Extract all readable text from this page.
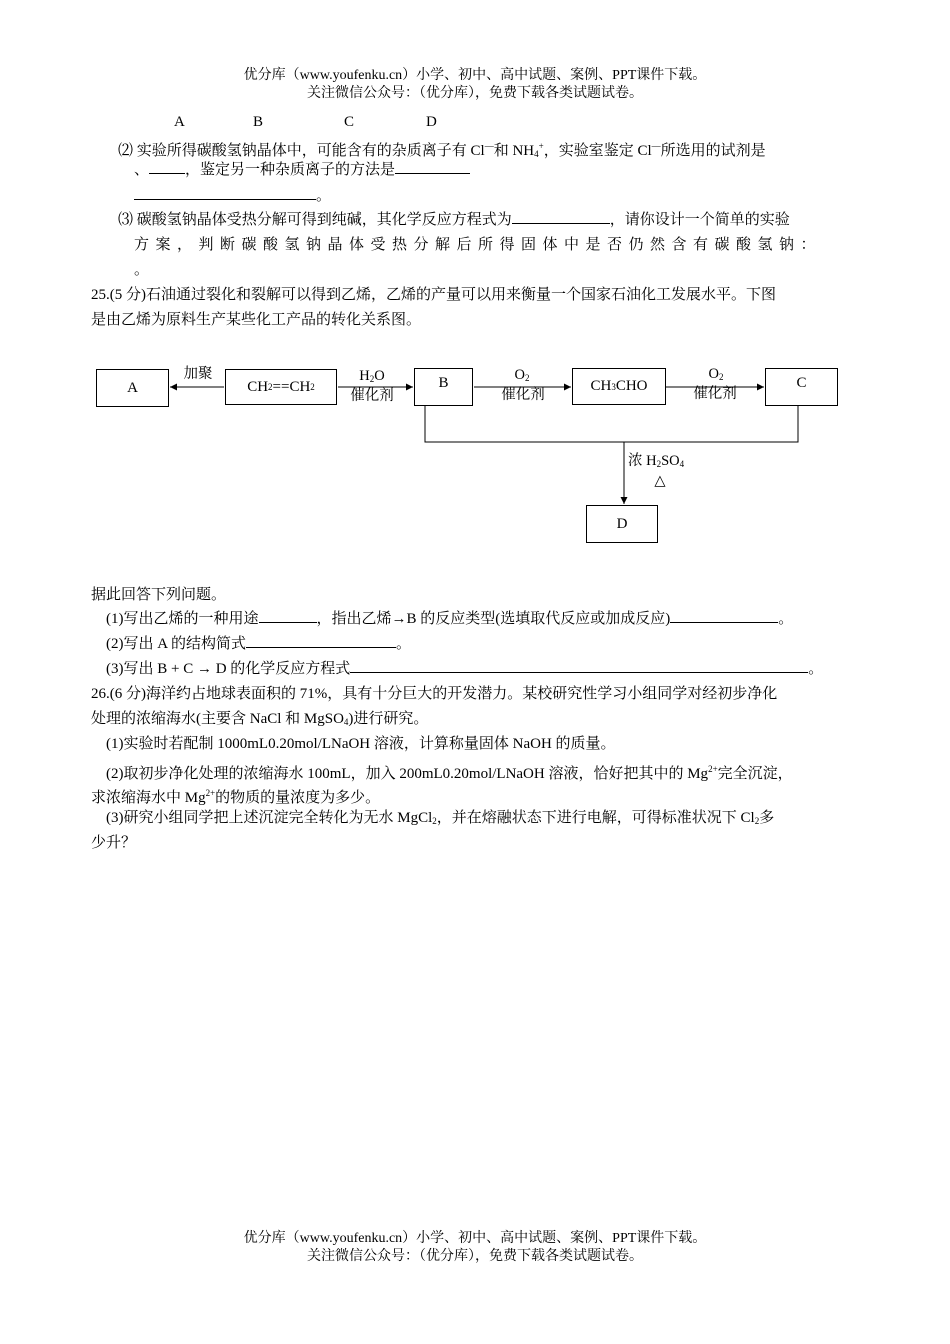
优分库（www.youfenku.cn）小学、初中、高中试题、案例、PPT课件下载。
关注微信公众号：（优分库），免费下载各类试题试卷。
A	B	C	D
⑵ 实验所得碳酸氢钠晶体中，可能含有的杂质离子有 Cl—和 $NH_4^+$，实验室鉴定 Cl—所选用的试剂是
、 ，鉴定另一种杂质离子的方法是
。
⑶ 碳酸氢钠晶体受热分解可得到纯碱，其化学反应方程式为	，请你设计一个简单的实验
方案，判断碳酸氢钠晶体受热分解后所得固体中是否仍然含有碳酸氢钠：
。
25.(5 分)石油通过裂化和裂解可以得到乙烯，乙烯的产量可以用来衡量一个国家石油化工发展水平。下图
是由乙烯为原料生产某些化工产品的转化关系图。
A	CH 2 ==CH 2	B	CH 3 CHO	C
D
加聚	$H_2O$
催化剂
$O_2$
催化剂
$O_2$
催化剂
浓 $H_2SO_4$
△
据此回答下列问题。
(1)写出乙烯的一种用途	，指出乙烯→B 的反应类型(选填取代反应或加成反应)	。
(2)写出 A 的结构简式	。
(3)写出 B + C → D 的化学反应方程式	。
26.(6 分)海洋约占地球表面积的 71%，具有十分巨大的开发潜力。某校研究性学习小组同学对经初步净化
处理的浓缩海水(主要含 NaCl 和 MgSO$_4$)进行研究。
(1)实验时若配制 1000mL0.20mol/LNaOH 溶液，计算称量固体 NaOH 的质量。
(2)取初步净化处理的浓缩海水 100mL，加入 200mL0.20mol/LNaOH 溶液，恰好把其中的 $Mg^{2+}$完全沉淀，
求浓缩海水中 $Mg^{2+}$的物质的量浓度为多少。
(3)研究小组同学把上述沉淀完全转化为无水 MgCl$_2$，并在熔融状态下进行电解，可得标准状况下 $Cl_2$多
少升？
优分库（www.youfenku.cn）小学、初中、高中试题、案例、PPT课件下载。
关注微信公众号：（优分库），免费下载各类试题试卷。
